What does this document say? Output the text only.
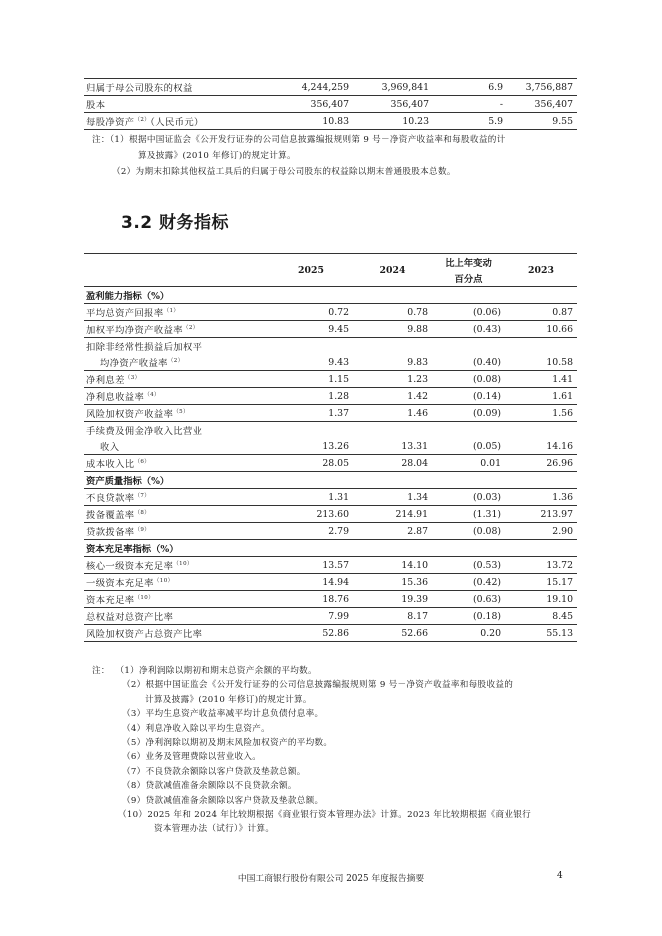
归属于母公司股东的权益	4,244,259	3,969,841	6.9	3,756,887
股本	356,407	356,407	-	356,407
每股净资产$^{(2)}$（人民币元）	10.83	10.23	5.9	9.55
注：（1）根据中国证监会《公开发行证券的公司信息披露编报规则第 9 号－净资产收益率和每股收益的计
算及披露》(2010 年修订)的规定计算。
（2）为期末扣除其他权益工具后的归属于母公司股东的权益除以期末普通股股本总数。
3.2 财务指标
	2025	2024	比上年变动	2023
			百分点	
盈利能力指标（%）				
平均总资产回报率$^{(1)}$	0.72	0.78	(0.06)	0.87
加权平均净资产收益率$^{(2)}$	9.45	9.88	(0.43)	10.66
扣除非经常性损益后加权平				
均净资产收益率$^{(2)}$	9.43	9.83	(0.40)	10.58
净利息差$^{(3)}$	1.15	1.23	(0.08)	1.41
净利息收益率$^{(4)}$	1.28	1.42	(0.14)	1.61
风险加权资产收益率$^{(5)}$	1.37	1.46	(0.09)	1.56
手续费及佣金净收入比营业				
收入	13.26	13.31	(0.05)	14.16
成本收入比$^{(6)}$	28.05	28.04	0.01	26.96
资产质量指标（%）				
不良贷款率$^{(7)}$	1.31	1.34	(0.03)	1.36
拨备覆盖率$^{(8)}$	213.60	214.91	(1.31)	213.97
贷款拨备率$^{(9)}$	2.79	2.87	(0.08)	2.90
资本充足率指标（%）				
核心一级资本充足率$^{(10)}$	13.57	14.10	(0.53)	13.72
一级资本充足率$^{(10)}$	14.94	15.36	(0.42)	15.17
资本充足率$^{(10)}$	18.76	19.39	(0.63)	19.10
总权益对总资产比率	7.99	8.17	(0.18)	8.45
风险加权资产占总资产比率	52.86	52.66	0.20	55.13
注： （1）净利润除以期初和期末总资产余额的平均数。
（2）根据中国证监会《公开发行证券的公司信息披露编报规则第 9 号－净资产收益率和每股收益的
计算及披露》(2010 年修订)的规定计算。
（3）平均生息资产收益率减平均计息负债付息率。
（4）利息净收入除以平均生息资产。
（5）净利润除以期初及期末风险加权资产的平均数。
（6）业务及管理费除以营业收入。
（7）不良贷款余额除以客户贷款及垫款总额。
（8）贷款减值准备余额除以不良贷款余额。
（9）贷款减值准备余额除以客户贷款及垫款总额。
（10）2025 年和 2024 年比较期根据《商业银行资本管理办法》计算。2023 年比较期根据《商业银行
资本管理办法（试行）》计算。
中国工商银行股份有限公司 2025 年度报告摘要	4
